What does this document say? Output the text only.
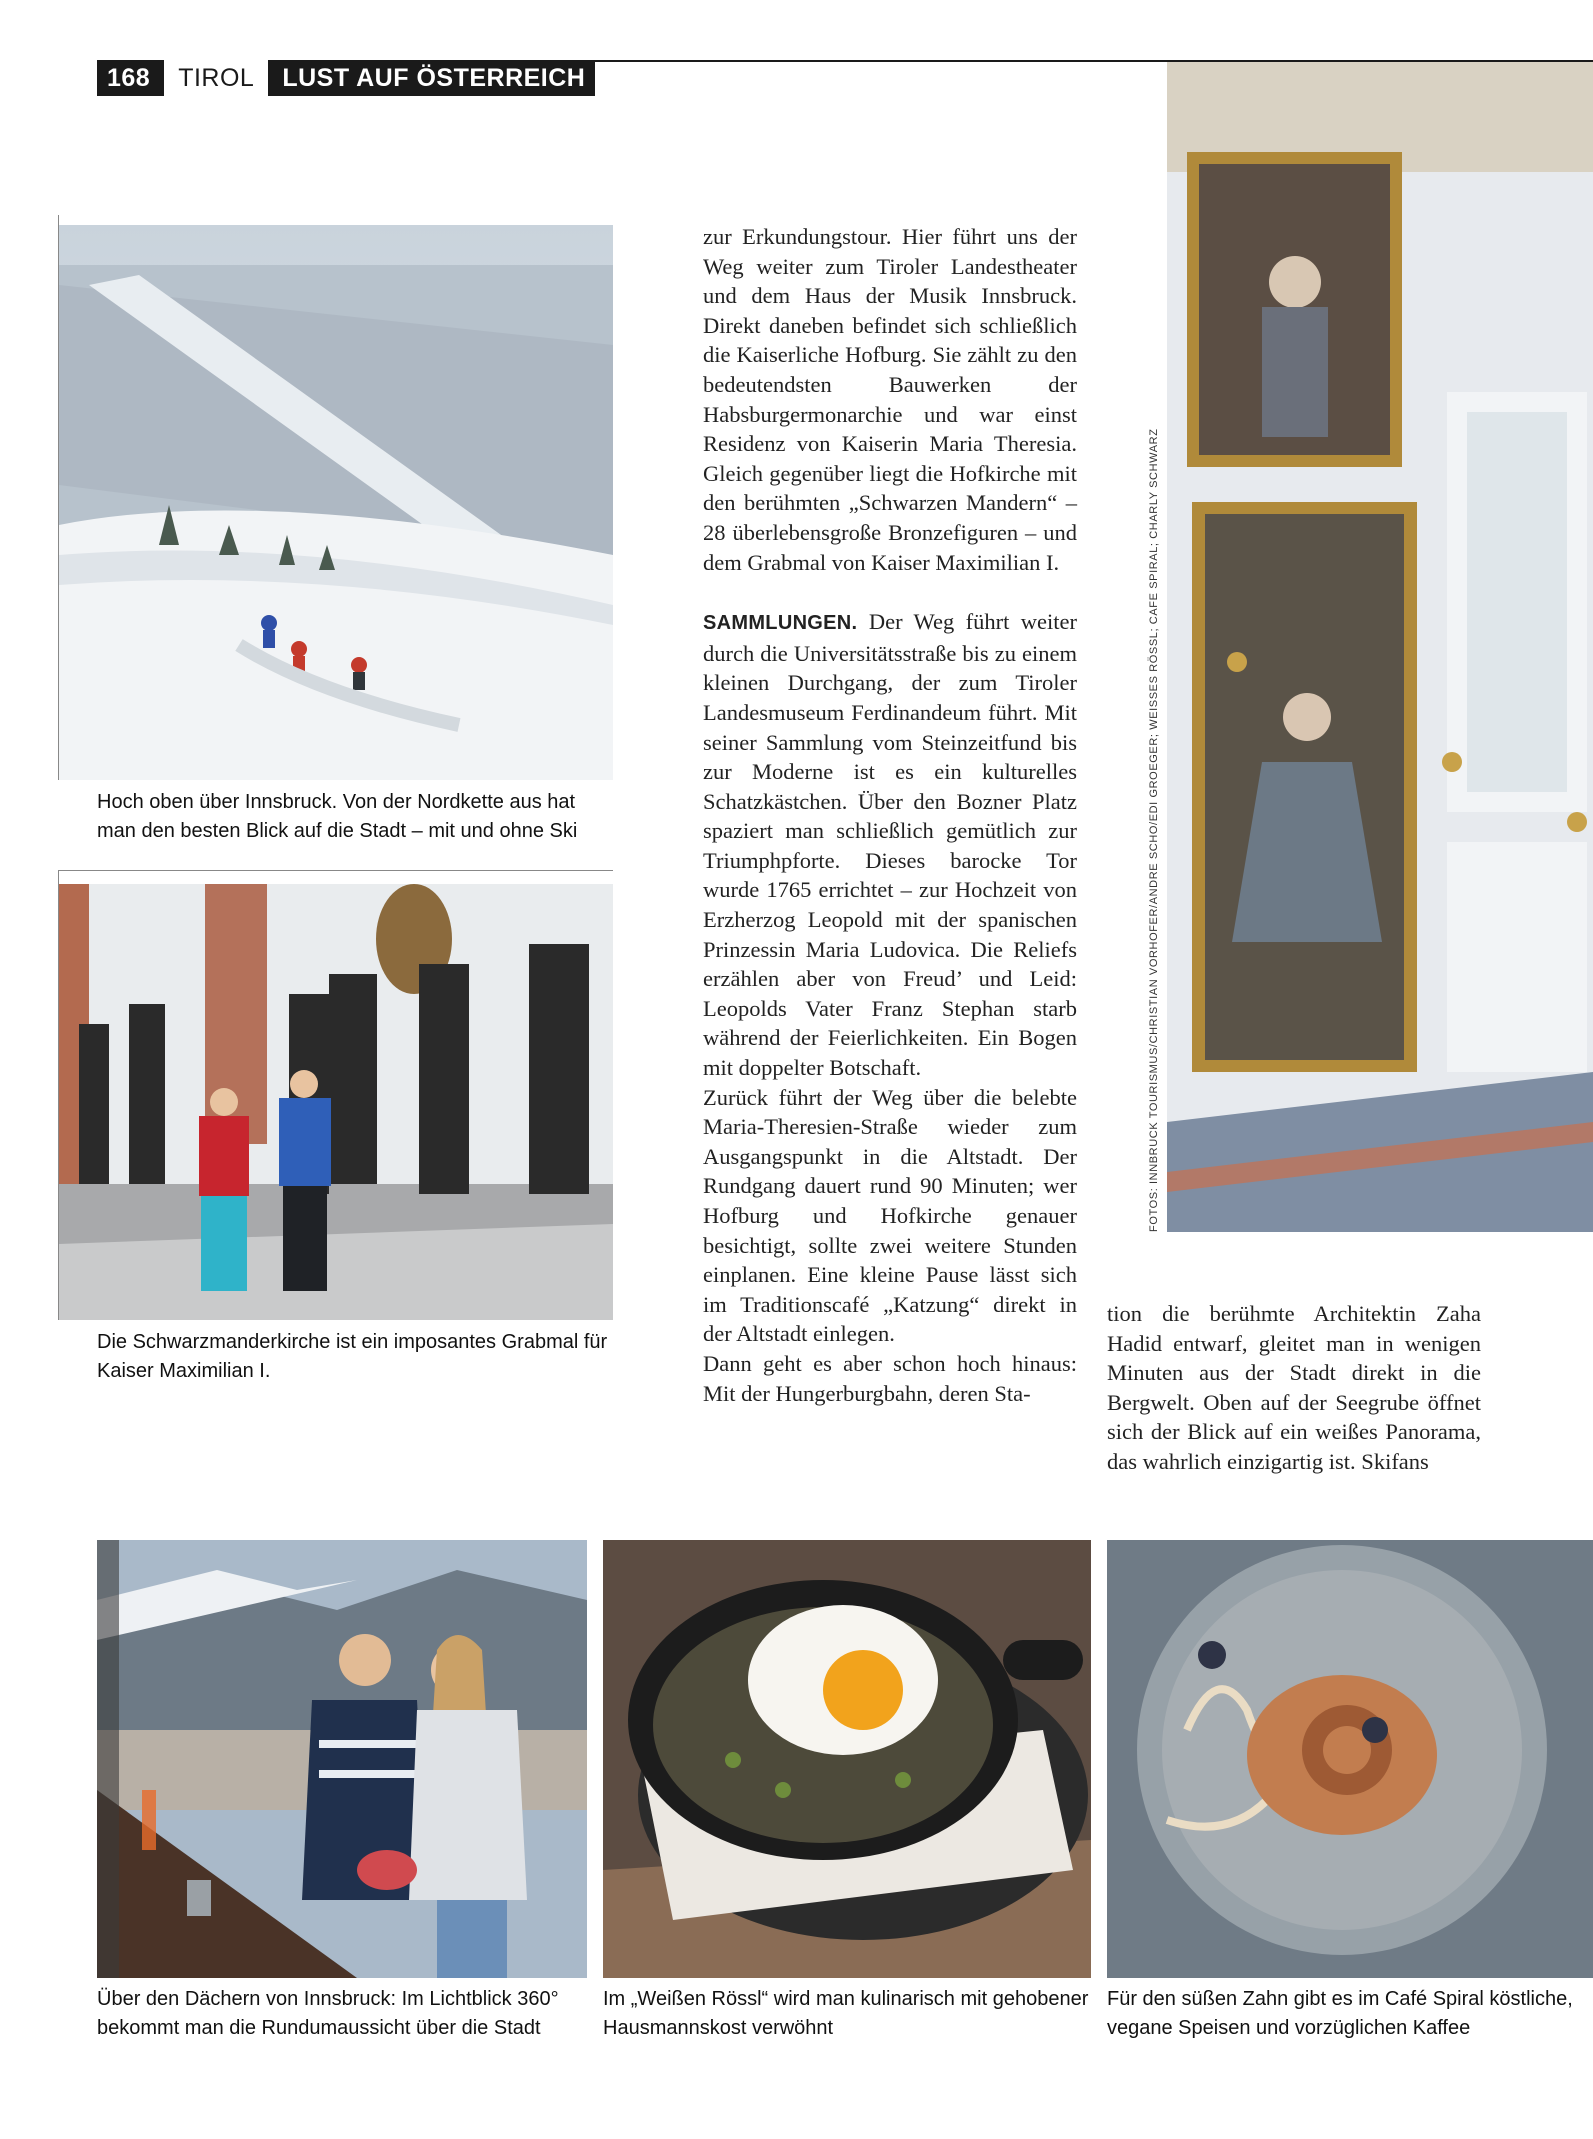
168	TIROL	LUST AUF ÖSTERREICH
Hoch oben über Innsbruck. Von der Nordkette aus hat man den besten Blick auf die Stadt – mit und ohne Ski
Die Schwarzmanderkirche ist ein imposantes Grabmal für Kaiser Maximilian I.

zur Erkundungstour. Hier führt uns der Weg weiter zum Tiroler Landestheater und dem Haus der Musik Innsbruck. Direkt daneben befindet sich schließlich die Kaiserliche Hofburg. Sie zählt zu den bedeutendsten Bauwerken der Habsburgermonarchie und war einst Residenz von Kaiserin Maria Theresia. Gleich gegenüber liegt die Hofkirche mit den berühmten „Schwarzen Mandern“ – 28 überlebensgroße Bronzefiguren – und dem Grabmal von Kaiser Maximilian I.

SAMMLUNGEN. Der Weg führt weiter durch die Universitätsstraße bis zu einem kleinen Durchgang, der zum Tiroler Landesmuseum Ferdinandeum führt. Mit seiner Sammlung vom Steinzeitfund bis zur Moderne ist es ein kulturelles Schatzkästchen. Über den Bozner Platz spaziert man schließlich gemütlich zur Triumphpforte. Dieses barocke Tor wurde 1765 errichtet – zur Hochzeit von Erzherzog Leopold mit der spanischen Prinzessin Maria Ludovica. Die Reliefs erzählen aber von Freud’ und Leid: Leopolds Vater Franz Stephan starb während der Feierlichkeiten. Ein Bogen mit doppelter Botschaft.

Zurück führt der Weg über die belebte Maria-Theresien-Straße wieder zum Ausgangspunkt in die Altstadt. Der Rundgang dauert rund 90 Minuten; wer Hofburg und Hofkirche genauer besichtigt, sollte zwei weitere Stunden einplanen. Eine kleine Pause lässt sich im Traditionscafé „Katzung“ direkt in der Altstadt einlegen.

Dann geht es aber schon hoch hinaus: Mit der Hungerburgbahn, deren Sta-

FOTOS: INNBRUCK TOURISMUS/CHRISTIAN VORHOFER/ANDRE SCHO/EDI GROEGER; WEISSES RÖSSL; CAFE SPIRAL; CHARLY SCHWARZ

tion die berühmte Architektin Zaha Hadid entwarf, gleitet man in wenigen Minuten aus der Stadt direkt in die Bergwelt. Oben auf der Seegrube öffnet sich der Blick auf ein weißes Panorama, das wahrlich einzigartig ist. Skifans

Über den Dächern von Innsbruck: Im Lichtblick 360° bekommt man die Rundumaussicht über die Stadt
Im „Weißen Rössl“ wird man kulinarisch mit gehobener Hausmannskost verwöhnt
Für den süßen Zahn gibt es im Café Spiral köstliche, vegane Speisen und vorzüglichen Kaffee
